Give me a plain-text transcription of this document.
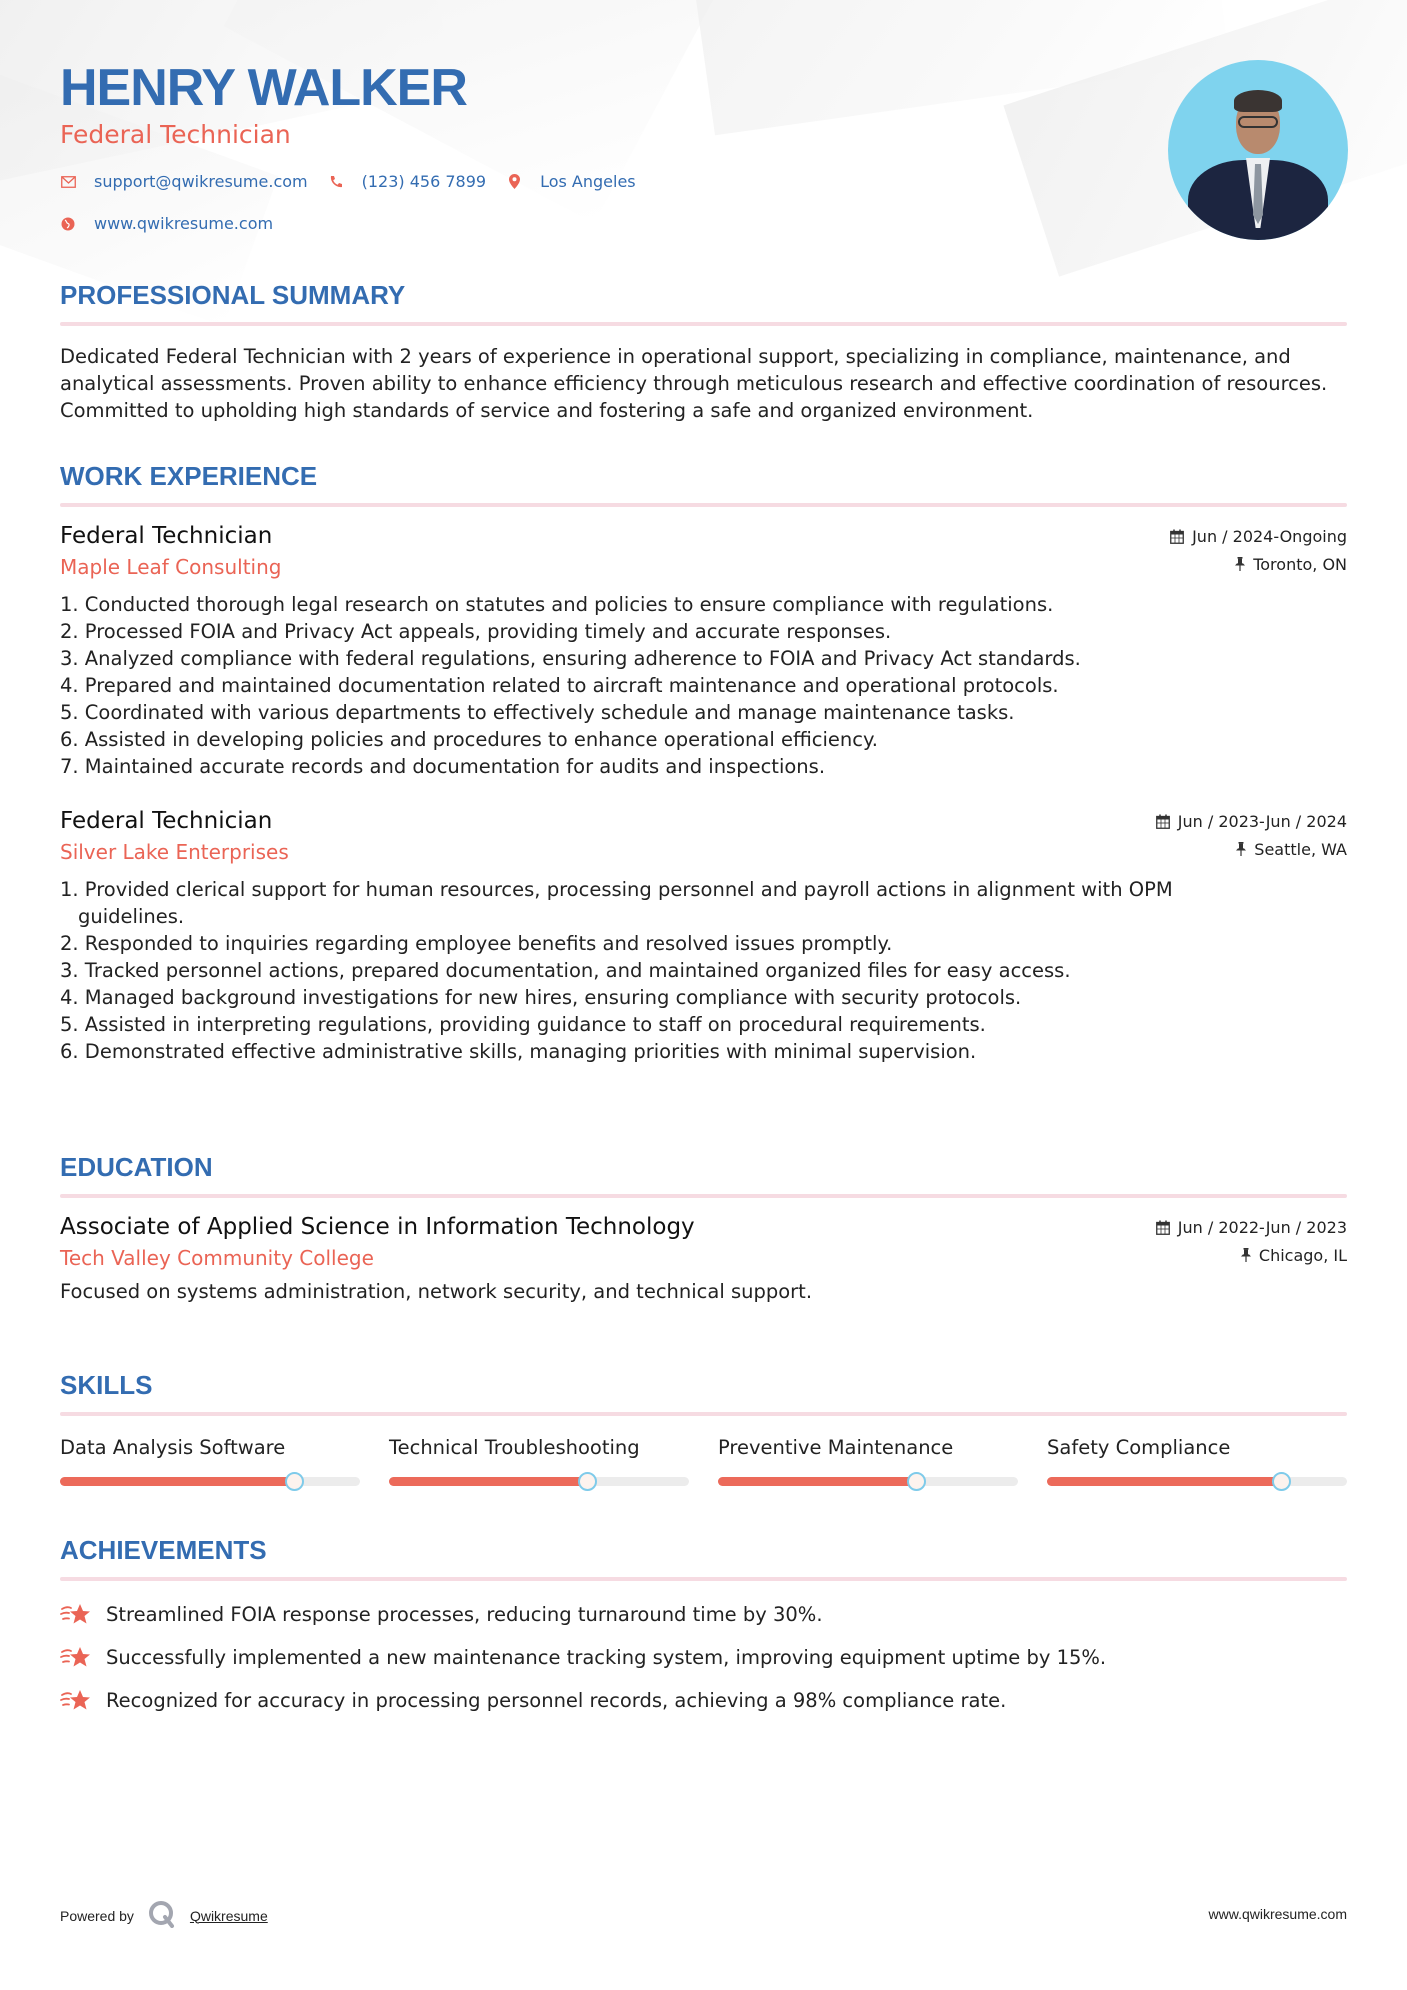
HENRY WALKER
Federal Technician
support@qwikresume.com	(123) 456 7899	Los Angeles
www.qwikresume.com
PROFESSIONAL SUMMARY
Dedicated Federal Technician with 2 years of experience in operational support, specializing in compliance, maintenance, and analytical assessments. Proven ability to enhance efficiency through meticulous research and effective coordination of resources. Committed to upholding high standards of service and fostering a safe and organized environment.
WORK EXPERIENCE
Federal Technician	Jun / 2024-Ongoing
Maple Leaf Consulting	Toronto, ON
1. Conducted thorough legal research on statutes and policies to ensure compliance with regulations.
2. Processed FOIA and Privacy Act appeals, providing timely and accurate responses.
3. Analyzed compliance with federal regulations, ensuring adherence to FOIA and Privacy Act standards.
4. Prepared and maintained documentation related to aircraft maintenance and operational protocols.
5. Coordinated with various departments to effectively schedule and manage maintenance tasks.
6. Assisted in developing policies and procedures to enhance operational efficiency.
7. Maintained accurate records and documentation for audits and inspections.
Federal Technician	Jun / 2023-Jun / 2024
Silver Lake Enterprises	Seattle, WA
1. Provided clerical support for human resources, processing personnel and payroll actions in alignment with OPM guidelines.
2. Responded to inquiries regarding employee benefits and resolved issues promptly.
3. Tracked personnel actions, prepared documentation, and maintained organized files for easy access.
4. Managed background investigations for new hires, ensuring compliance with security protocols.
5. Assisted in interpreting regulations, providing guidance to staff on procedural requirements.
6. Demonstrated effective administrative skills, managing priorities with minimal supervision.
EDUCATION
Associate of Applied Science in Information Technology	Jun / 2022-Jun / 2023
Tech Valley Community College	Chicago, IL
Focused on systems administration, network security, and technical support.
SKILLS
Data Analysis Software	Technical Troubleshooting	Preventive Maintenance	Safety Compliance
ACHIEVEMENTS
Streamlined FOIA response processes, reducing turnaround time by 30%.
Successfully implemented a new maintenance tracking system, improving equipment uptime by 15%.
Recognized for accuracy in processing personnel records, achieving a 98% compliance rate.
Powered by	Qwikresume	www.qwikresume.com
